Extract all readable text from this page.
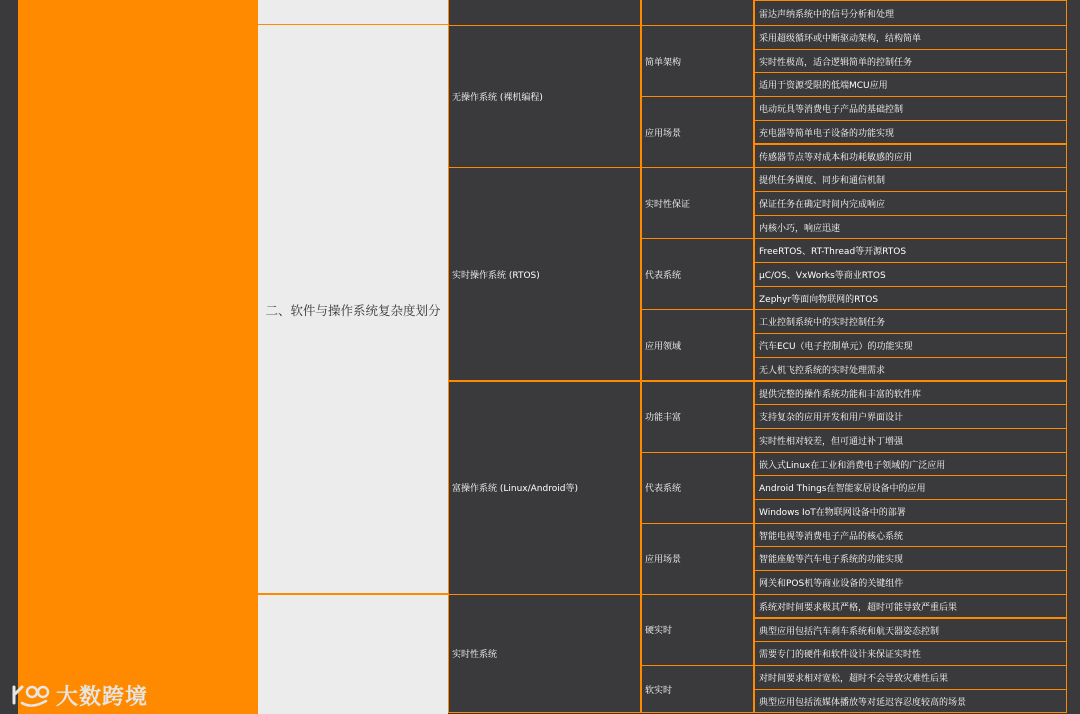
雷达声纳系统中的信号分析和处理
采用超级循环或中断驱动架构，结构简单
实时性极高，适合逻辑简单的控制任务
适用于资源受限的低端MCU应用
简单架构
电动玩具等消费电子产品的基础控制
充电器等简单电子设备的功能实现
传感器节点等对成本和功耗敏感的应用
应用场景
无操作系统 (裸机编程)
提供任务调度、同步和通信机制
保证任务在确定时间内完成响应
内核小巧，响应迅速
实时性保证
FreeRTOS、RT-Thread等开源RTOS
μC/OS、VxWorks等商业RTOS
Zephyr等面向物联网的RTOS
代表系统
工业控制系统中的实时控制任务
汽车ECU（电子控制单元）的功能实现
无人机飞控系统的实时处理需求
应用领域
实时操作系统 (RTOS)
提供完整的操作系统功能和丰富的软件库
支持复杂的应用开发和用户界面设计
实时性相对较差，但可通过补丁增强
功能丰富
嵌入式Linux在工业和消费电子领域的广泛应用
Android Things在智能家居设备中的应用
Windows IoT在物联网设备中的部署
代表系统
智能电视等消费电子产品的核心系统
智能座舱等汽车电子系统的功能实现
网关和POS机等商业设备的关键组件
应用场景
富操作系统 (Linux/Android等)
系统对时间要求极其严格，超时可能导致严重后果
典型应用包括汽车刹车系统和航天器姿态控制
需要专门的硬件和软件设计来保证实时性
硬实时
对时间要求相对宽松，超时不会导致灾难性后果
典型应用包括流媒体播放等对延迟容忍度较高的场景
软实时
实时性系统
二、软件与操作系统复杂度划分
大数跨境
